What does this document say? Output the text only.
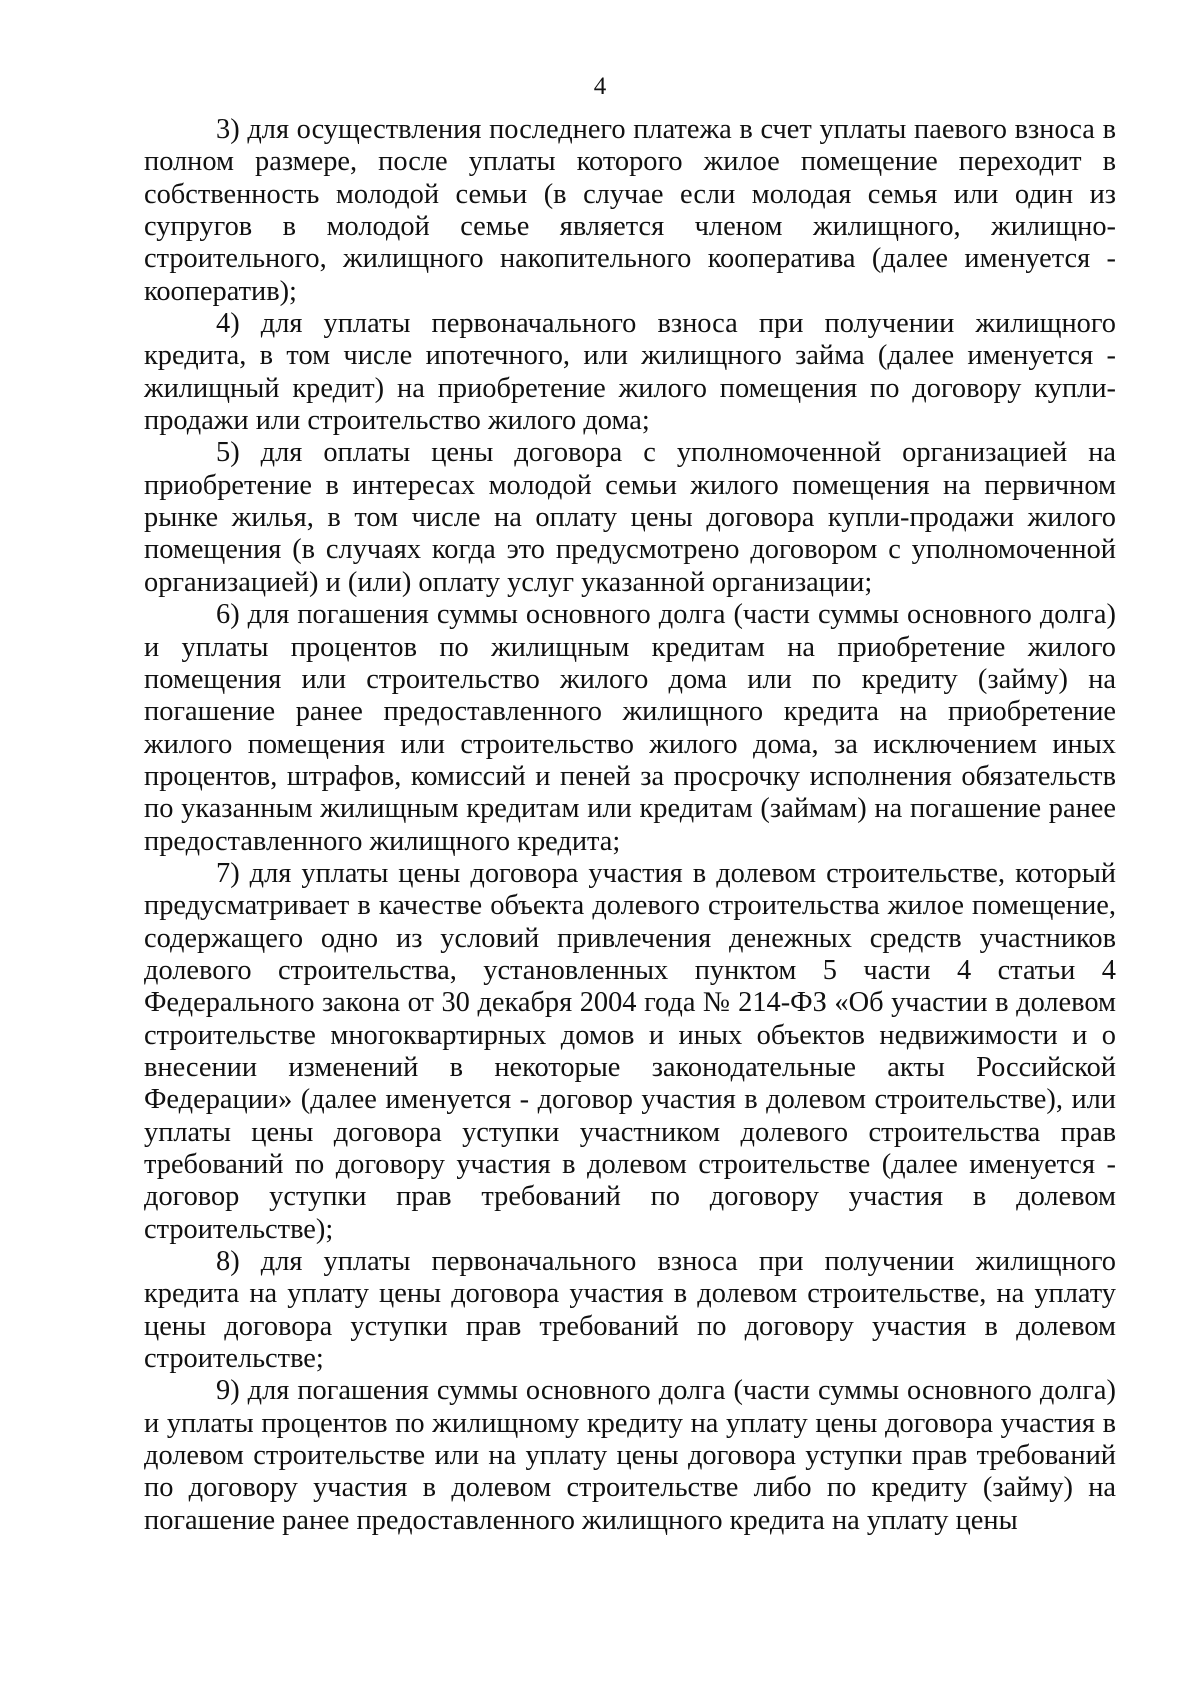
4

3) для осуществления последнего платежа в счет уплаты паевого взноса в полном размере, после уплаты которого жилое помещение переходит в собственность молодой семьи (в случае если молодая семья или один из супругов в молодой семье является членом жилищного, жилищно-строительного, жилищного накопительного кооператива (далее именуется - кооператив);

4) для уплаты первоначального взноса при получении жилищного кредита, в том числе ипотечного, или жилищного займа (далее именуется - жилищный кредит) на приобретение жилого помещения по договору купли-продажи или строительство жилого дома;

5) для оплаты цены договора с уполномоченной организацией на приобретение в интересах молодой семьи жилого помещения на первичном рынке жилья, в том числе на оплату цены договора купли-продажи жилого помещения (в случаях когда это предусмотрено договором с уполномоченной организацией) и (или) оплату услуг указанной организации;

6) для погашения суммы основного долга (части суммы основного долга) и уплаты процентов по жилищным кредитам на приобретение жилого помещения или строительство жилого дома или по кредиту (займу) на погашение ранее предоставленного жилищного кредита на приобретение жилого помещения или строительство жилого дома, за исключением иных процентов, штрафов, комиссий и пеней за просрочку исполнения обязательств по указанным жилищным кредитам или кредитам (займам) на погашение ранее предоставленного жилищного кредита;

7) для уплаты цены договора участия в долевом строительстве, который предусматривает в качестве объекта долевого строительства жилое помещение, содержащего одно из условий привлечения денежных средств участников долевого строительства, установленных пунктом 5 части 4 статьи 4 Федерального закона от 30 декабря 2004 года № 214-ФЗ «Об участии в долевом строительстве многоквартирных домов и иных объектов недвижимости и о внесении изменений в некоторые законодательные акты Российской Федерации» (далее именуется - договор участия в долевом строительстве), или уплаты цены договора уступки участником долевого строительства прав требований по договору участия в долевом строительстве (далее именуется - договор уступки прав требований по договору участия в долевом строительстве);

8) для уплаты первоначального взноса при получении жилищного кредита на уплату цены договора участия в долевом строительстве, на уплату цены договора уступки прав требований по договору участия в долевом строительстве;

9) для погашения суммы основного долга (части суммы основного долга) и уплаты процентов по жилищному кредиту на уплату цены договора участия в долевом строительстве или на уплату цены договора уступки прав требований по договору участия в долевом строительстве либо по кредиту (займу) на погашение ранее предоставленного жилищного кредита на уплату цены
